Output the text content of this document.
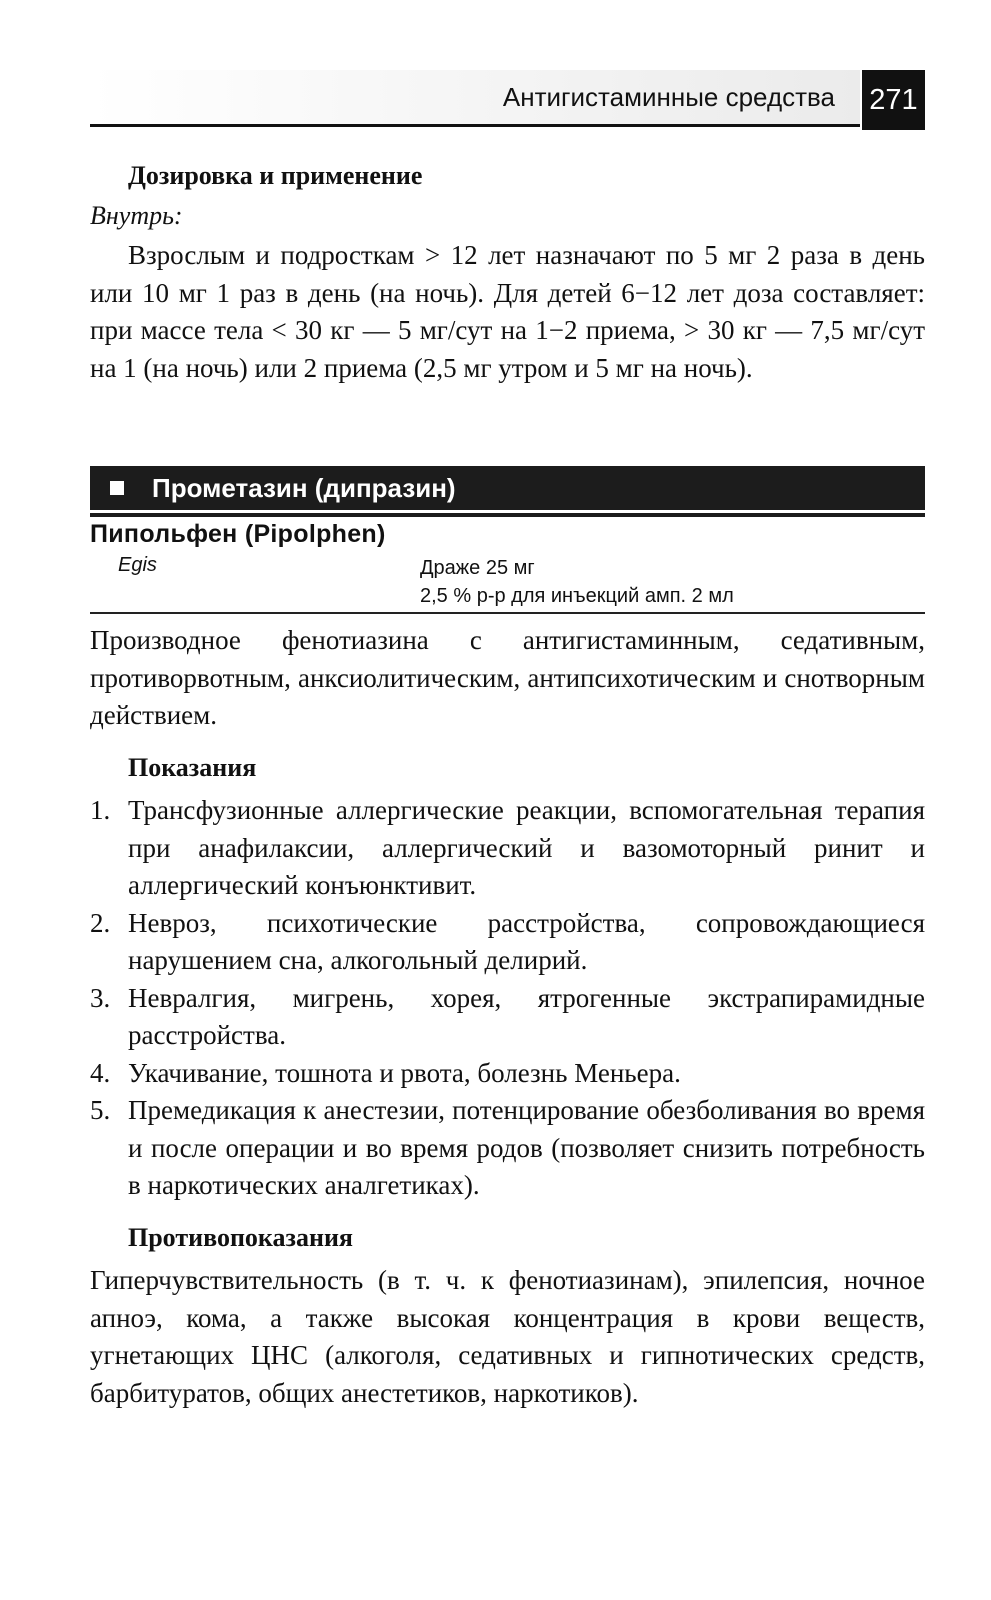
Антигистаминные средства 271
Дозировка и применение
Внутрь:
Взрослым и подросткам > 12 лет назначают по 5 мг 2 раза в день или 10 мг 1 раз в день (на ночь). Для детей 6−12 лет доза составляет: при массе тела < 30 кг — 5 мг/сут на 1−2 приема, > 30 кг — 7,5 мг/сут на 1 (на ночь) или 2 приема (2,5 мг утром и 5 мг на ночь).
Прометазин (дипразин)
Пипольфен (Pipolphen)
Egis	Драже 25 мг
2,5 % р-р для инъекций амп. 2 мл
Производное фенотиазина с антигистаминным, седативным, противорвотным, анксиолитическим, антипсихотическим и снотворным действием.
Показания
1. Трансфузионные аллергические реакции, вспомогательная терапия при анафилаксии, аллергический и вазомоторный ринит и аллергический конъюнктивит.
2. Невроз, психотические расстройства, сопровождающиеся нарушением сна, алкогольный делирий.
3. Невралгия, мигрень, хорея, ятрогенные экстрапирамидные расстройства.
4. Укачивание, тошнота и рвота, болезнь Меньера.
5. Премедикация к анестезии, потенцирование обезболивания во время и после операции и во время родов (позволяет снизить потребность в наркотических аналгетиках).
Противопоказания
Гиперчувствительность (в т. ч. к фенотиазинам), эпилепсия, ночное апноэ, кома, а также высокая концентрация в крови веществ, угнетающих ЦНС (алкоголя, седативных и гипнотических средств, барбитуратов, общих анестетиков, наркотиков).
